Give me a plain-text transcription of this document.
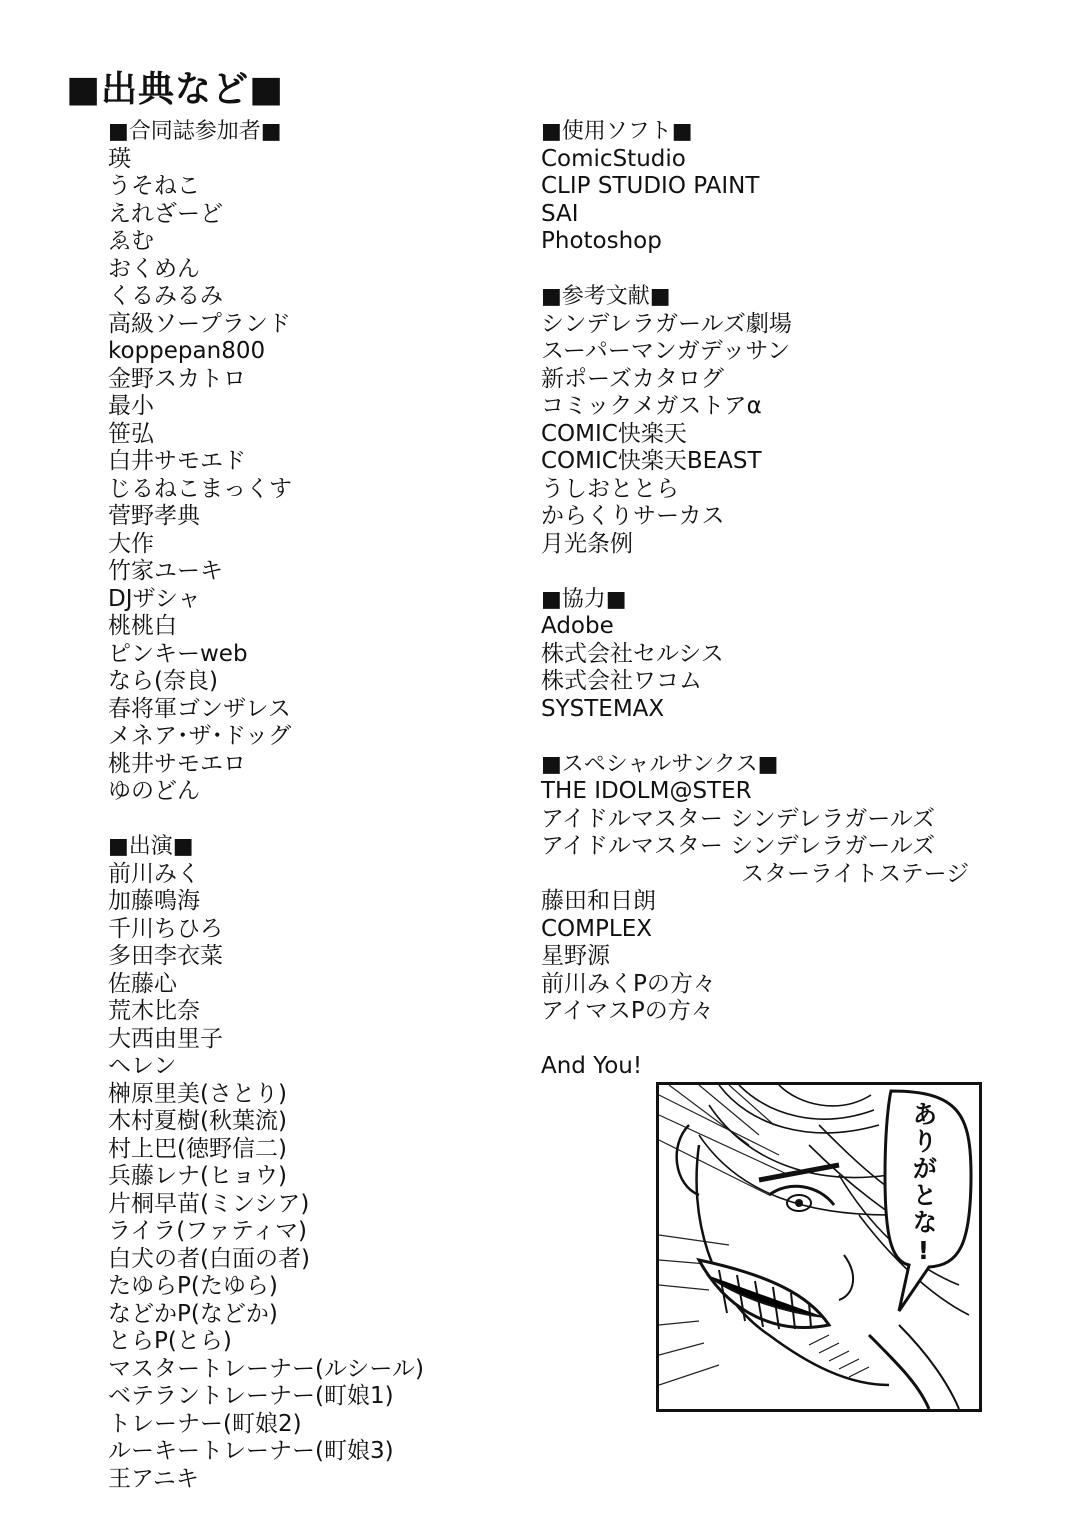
■出典など■
■合同誌参加者■
瑛
うそねこ
えれざーど
ゑむ
おくめん
くるみるみ
高級ソープランド
koppepan800
金野スカトロ
最小
笹弘
白井サモエド
じるねこまっくす
菅野孝典
大作
竹家ユーキ
DJザシャ
桃桃白
ピンキーweb
なら(奈良)
春将軍ゴンザレス
メネア･ザ･ドッグ
桃井サモエロ
ゆのどん
■出演■
前川みく
加藤鳴海
千川ちひろ
多田李衣菜
佐藤心
荒木比奈
大西由里子
ヘレン
榊原里美(さとり)
木村夏樹(秋葉流)
村上巴(徳野信二)
兵藤レナ(ヒョウ)
片桐早苗(ミンシア)
ライラ(ファティマ)
白犬の者(白面の者)
たゆらP(たゆら)
などかP(などか)
とらP(とら)
マスタートレーナー(ルシール)
ベテラントレーナー(町娘1)
トレーナー(町娘2)
ルーキートレーナー(町娘3)
王アニキ
■使用ソフト■
ComicStudio
CLIP STUDIO PAINT
SAI
Photoshop
■参考文献■
シンデレラガールズ劇場
スーパーマンガデッサン
新ポーズカタログ
コミックメガストアα
COMIC快楽天
COMIC快楽天BEAST
うしおととら
からくりサーカス
月光条例
■協力■
Adobe
株式会社セルシス
株式会社ワコム
SYSTEMAX
■スペシャルサンクス■
THE IDOLM@STER
アイドルマスター シンデレラガールズ
アイドルマスター シンデレラガールズ
スターライトステージ
藤田和日朗
COMPLEX
星野源
前川みくPの方々
アイマスPの方々
And You!
ありがとな!
